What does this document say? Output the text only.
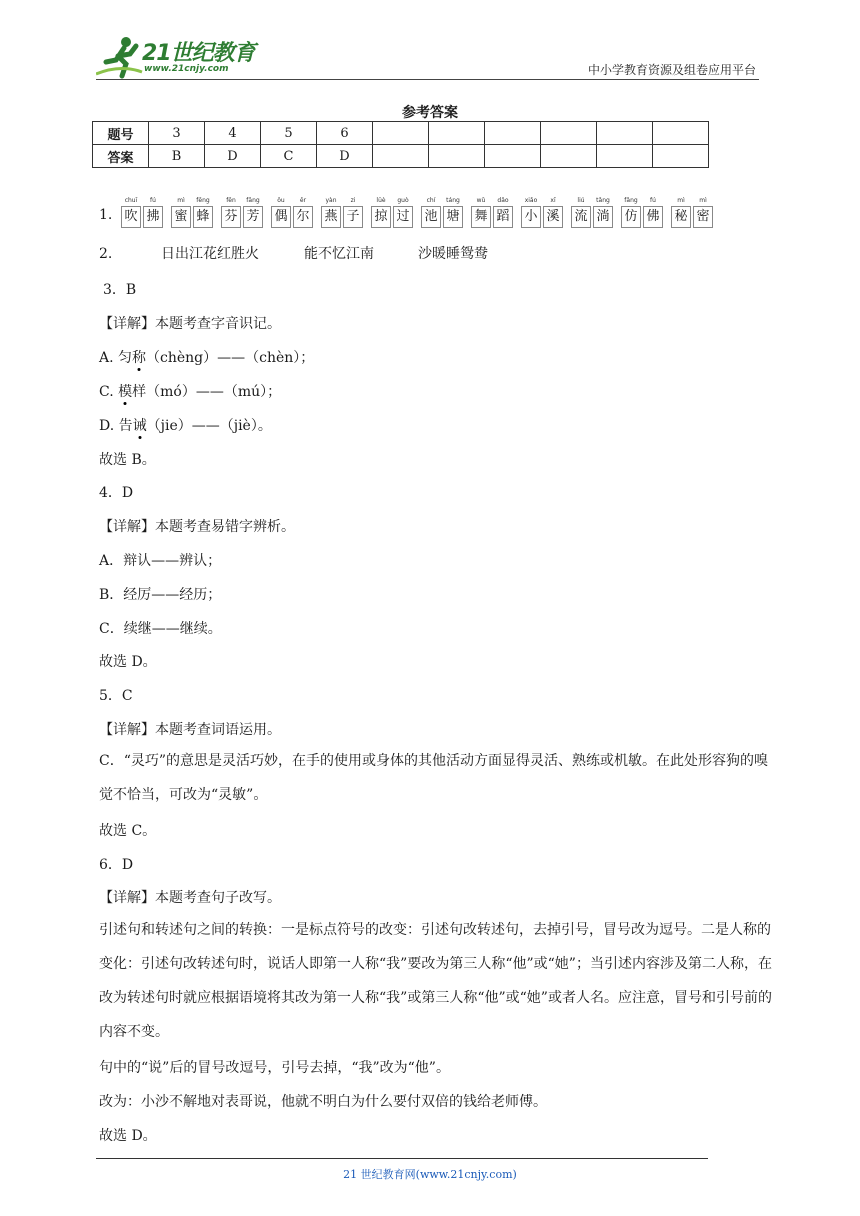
21世纪教育
www.21cnjy.com	中小学教育资源及组卷应用平台
参考答案
题号	3	4	5	6						
答案	B	D	C	D						
1.
chuī
吹
fú
拂
mì
蜜
fēng
蜂
fēn
芬
fāng
芳
ǒu
偶
ěr
尔
yàn
燕
zi
子
lüè
掠
guò
过
chí
池
táng
塘
wǔ
舞
dǎo
蹈
xiǎo
小
xī
溪
liú
流
tǎng
淌
fǎng
仿
fú
佛
mì
秘
mì
密
2.	日出江花红胜火	能不忆江南	沙暖睡鸳鸯
3．B
【详解】本题考查字音识记。
A. 匀称（chèng）——（chèn）；
C. 模样（mó）——（mú）；
D. 告诫（jie）——（jiè）。
故选 B。
4．D
【详解】本题考查易错字辨析。
A．辩认——辨认；
B．经厉——经历；
C．续继——继续。
故选 D。
5．C
【详解】本题考查词语运用。
C．“灵巧”的意思是灵活巧妙，在手的使用或身体的其他活动方面显得灵活、熟练或机敏。在此处形容狗的嗅觉不恰当，可改为“灵敏”。
故选 C。
6．D
【详解】本题考查句子改写。
引述句和转述句之间的转换：一是标点符号的改变：引述句改转述句，去掉引号，冒号改为逗号。二是人称的变化：引述句改转述句时，说话人即第一人称“我”要改为第三人称“他”或“她”；当引述内容涉及第二人称，在改为转述句时就应根据语境将其改为第一人称“我”或第三人称“他”或“她”或者人名。应注意，冒号和引号前的内容不变。
句中的“说”后的冒号改逗号，引号去掉，“我”改为“他”。
改为：小沙不解地对表哥说，他就不明白为什么要付双倍的钱给老师傅。
故选 D。
21 世纪教育网(www.21cnjy.com)
